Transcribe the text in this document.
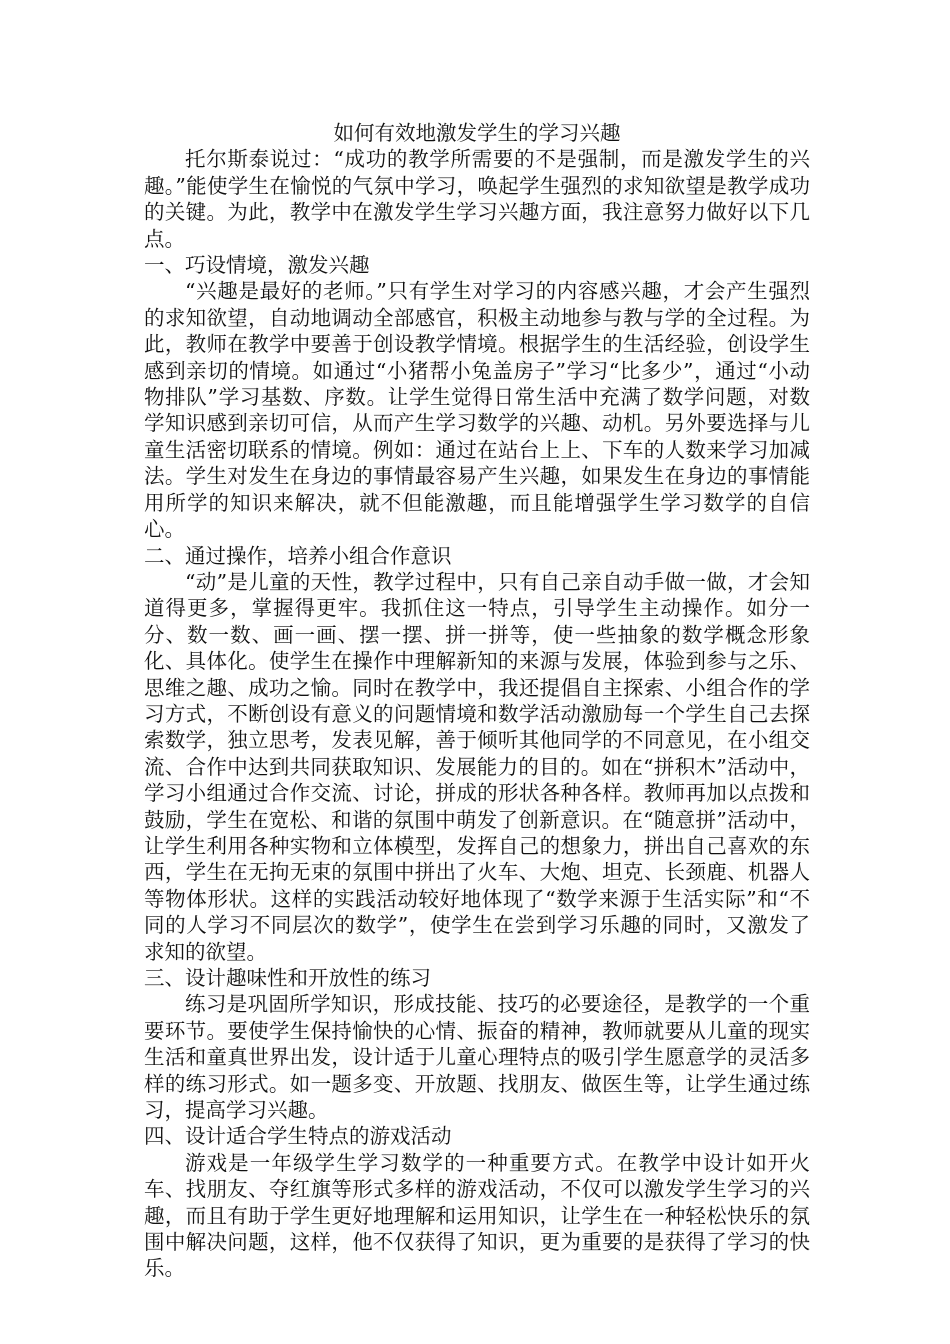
如何有效地激发学生的学习兴趣

托尔斯泰说过：“成功的教学所需要的不是强制，而是激发学生的兴趣。”能使学生在愉悦的气氛中学习，唤起学生强烈的求知欲望是教学成功的关键。为此，教学中在激发学生学习兴趣方面，我注意努力做好以下几点。

一、巧设情境，激发兴趣

“兴趣是最好的老师。”只有学生对学习的内容感兴趣，才会产生强烈的求知欲望，自动地调动全部感官，积极主动地参与教与学的全过程。为此，教师在教学中要善于创设教学情境。根据学生的生活经验，创设学生感到亲切的情境。如通过“小猪帮小兔盖房子”学习“比多少”，通过“小动物排队”学习基数、序数。让学生觉得日常生活中充满了数学问题，对数学知识感到亲切可信，从而产生学习数学的兴趣、动机。另外要选择与儿童生活密切联系的情境。例如：通过在站台上上、下车的人数来学习加减法。学生对发生在身边的事情最容易产生兴趣，如果发生在身边的事情能用所学的知识来解决，就不但能激趣，而且能增强学生学习数学的自信心。

二、通过操作，培养小组合作意识

“动”是儿童的天性，教学过程中，只有自己亲自动手做一做，才会知道得更多，掌握得更牢。我抓住这一特点，引导学生主动操作。如分一分、数一数、画一画、摆一摆、拼一拼等，使一些抽象的数学概念形象化、具体化。使学生在操作中理解新知的来源与发展，体验到参与之乐、思维之趣、成功之愉。同时在教学中，我还提倡自主探索、小组合作的学习方式，不断创设有意义的问题情境和数学活动激励每一个学生自己去探索数学，独立思考，发表见解，善于倾听其他同学的不同意见，在小组交流、合作中达到共同获取知识、发展能力的目的。如在“拼积木”活动中，学习小组通过合作交流、讨论，拼成的形状各种各样。教师再加以点拨和鼓励，学生在宽松、和谐的氛围中萌发了创新意识。在“随意拼”活动中，让学生利用各种实物和立体模型，发挥自己的想象力，拼出自己喜欢的东西，学生在无拘无束的氛围中拼出了火车、大炮、坦克、长颈鹿、机器人等物体形状。这样的实践活动较好地体现了“数学来源于生活实际”和“不同的人学习不同层次的数学”，使学生在尝到学习乐趣的同时，又激发了求知的欲望。

三、设计趣味性和开放性的练习

练习是巩固所学知识，形成技能、技巧的必要途径，是教学的一个重要环节。要使学生保持愉快的心情、振奋的精神，教师就要从儿童的现实生活和童真世界出发，设计适于儿童心理特点的吸引学生愿意学的灵活多样的练习形式。如一题多变、开放题、找朋友、做医生等，让学生通过练习，提高学习兴趣。

四、设计适合学生特点的游戏活动

游戏是一年级学生学习数学的一种重要方式。在教学中设计如开火车、找朋友、夺红旗等形式多样的游戏活动，不仅可以激发学生学习的兴趣，而且有助于学生更好地理解和运用知识，让学生在一种轻松快乐的氛围中解决问题，这样，他不仅获得了知识，更为重要的是获得了学习的快乐。
